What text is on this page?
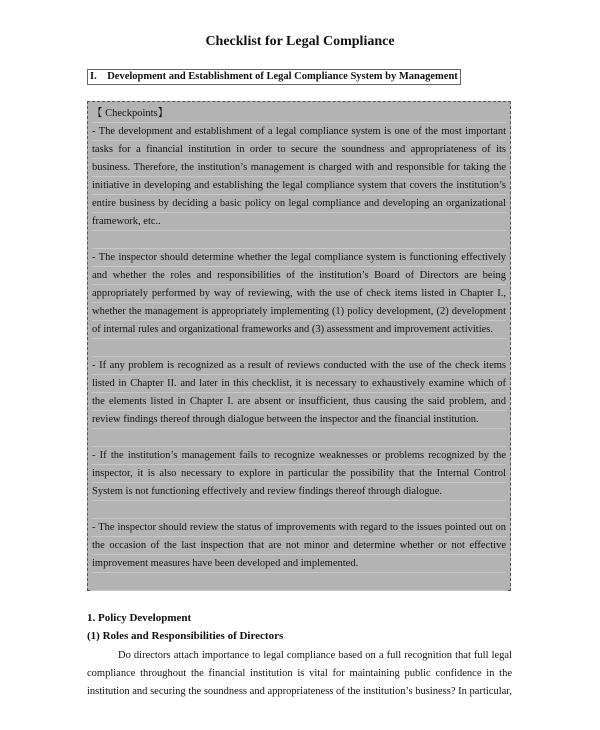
Checklist for Legal Compliance
I.    Development and Establishment of Legal Compliance System by Management
【 Checkpoints】
- The development and establishment of a legal compliance system is one of the most important
tasks for a financial institution in order to secure the soundness and appropriateness of its
business. Therefore, the institution’s management is charged with and responsible for taking the
initiative in developing and establishing the legal compliance system that covers the institution’s
entire business by deciding a basic policy on legal compliance and developing an organizational
framework, etc..
- The inspector should determine whether the legal compliance system is functioning effectively
and whether the roles and responsibilities of the institution’s Board of Directors are being
appropriately performed by way of reviewing, with the use of check items listed in Chapter I.,
whether the management is appropriately implementing (1) policy development, (2) development
of internal rules and organizational frameworks and (3) assessment and improvement activities.
- If any problem is recognized as a result of reviews conducted with the use of the check items
listed in Chapter II. and later in this checklist, it is necessary to exhaustively examine which of
the elements listed in Chapter I. are absent or insufficient, thus causing the said problem, and
review findings thereof through dialogue between the inspector and the financial institution.
- If the institution’s management fails to recognize weaknesses or problems recognized by the
inspector, it is also necessary to explore in particular the possibility that the Internal Control
System is not functioning effectively and review findings thereof through dialogue.
- The inspector should review the status of improvements with regard to the issues pointed out on
the occasion of the last inspection that are not minor and determine whether or not effective
improvement measures have been developed and implemented.
1. Policy Development
(1) Roles and Responsibilities of Directors
Do directors attach importance to legal compliance based on a full recognition that full legal
compliance throughout the financial institution is vital for maintaining public confidence in the
institution and securing the soundness and appropriateness of the institution’s business? In particular,
